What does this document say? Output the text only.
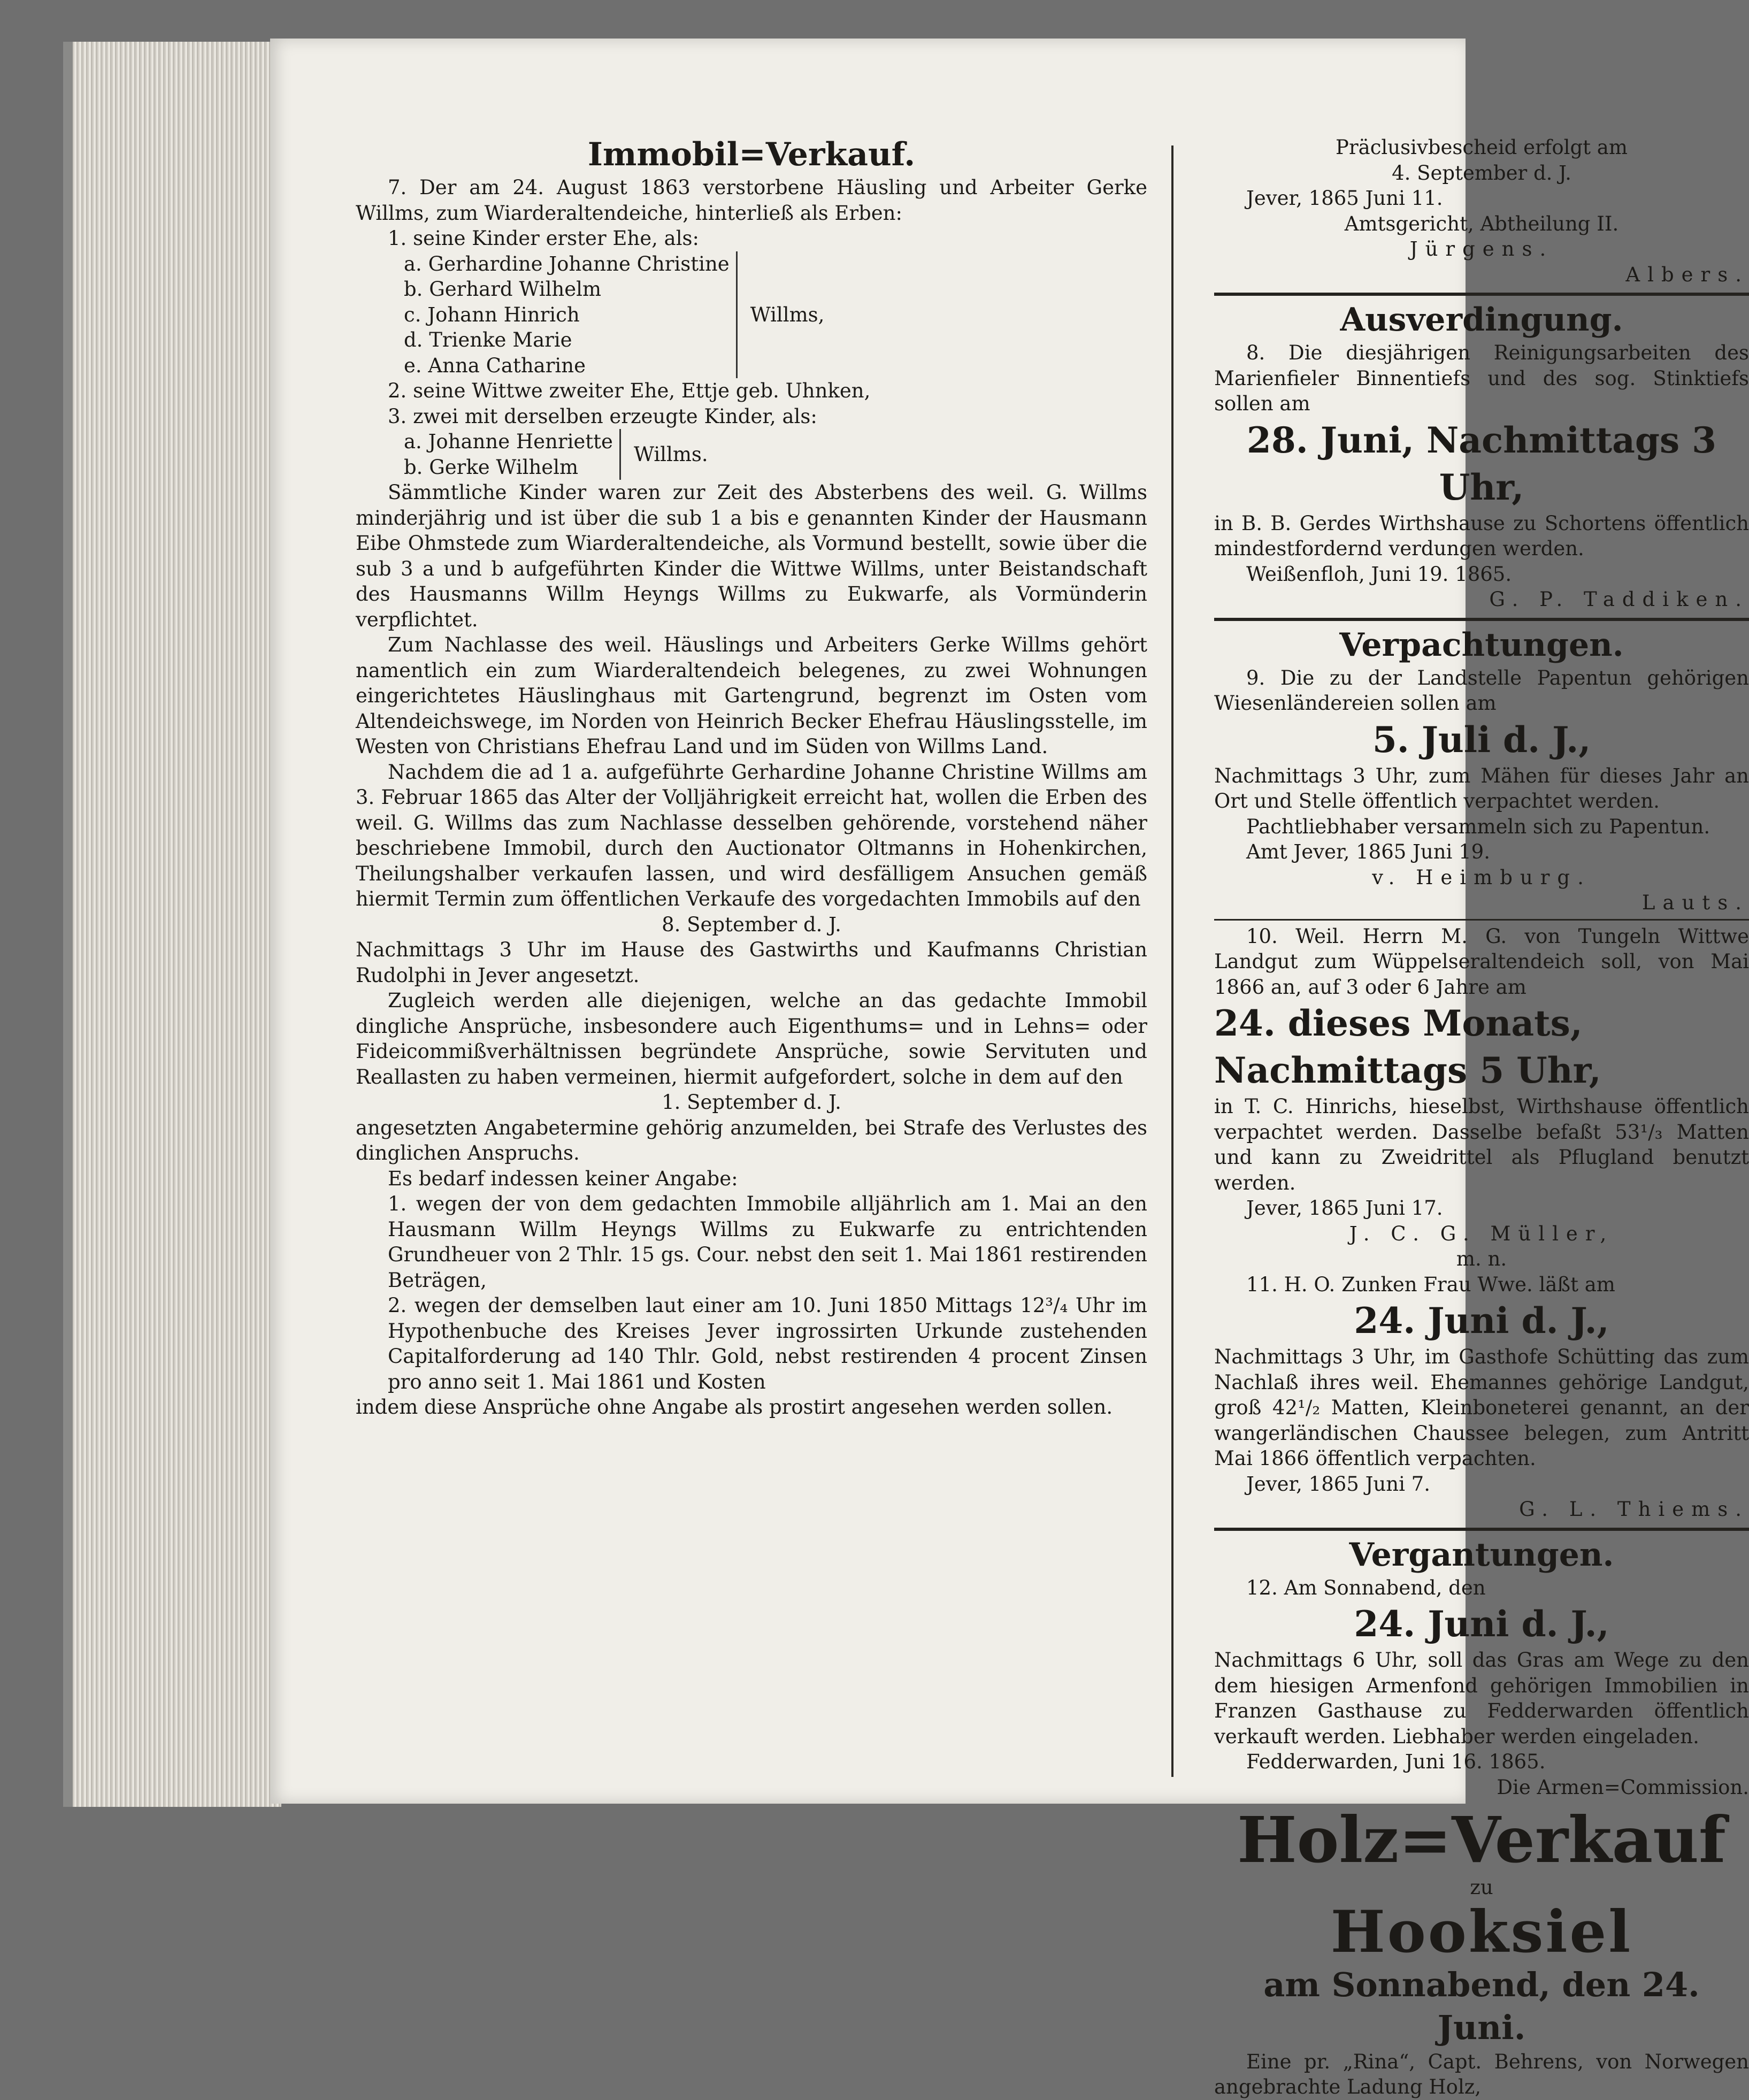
Immobil=Verkauf.

7. Der am 24. August 1863 verstorbene Häusling und Arbeiter Gerke Willms, zum Wiarderaltendeiche, hinterließ als Erben:

1. seine Kinder erster Ehe, als:

a. Gerhardine Johanne Christine

b. Gerhard Wilhelm

c. Johann Hinrich

d. Trienke Marie

e. Anna Catharine

Willms,

2. seine Wittwe zweiter Ehe, Ettje geb. Uhnken,

3. zwei mit derselben erzeugte Kinder, als:

a. Johanne Henriette

b. Gerke Wilhelm

Willms.

Sämmtliche Kinder waren zur Zeit des Absterbens des weil. G. Willms minderjährig und ist über die sub 1 a bis e genannten Kinder der Hausmann Eibe Ohmstede zum Wiarderaltendeiche, als Vormund bestellt, sowie über die sub 3 a und b aufgeführten Kinder die Wittwe Willms, unter Beistandschaft des Hausmanns Willm Heyngs Willms zu Eukwarfe, als Vormünderin verpflichtet.

Zum Nachlasse des weil. Häuslings und Arbeiters Gerke Willms gehört namentlich ein zum Wiarderaltendeich belegenes, zu zwei Wohnungen eingerichtetes Häuslinghaus mit Gartengrund, begrenzt im Osten vom Altendeichswege, im Norden von Heinrich Becker Ehefrau Häuslingsstelle, im Westen von Christians Ehefrau Land und im Süden von Willms Land.

Nachdem die ad 1 a. aufgeführte Gerhardine Johanne Christine Willms am 3. Februar 1865 das Alter der Volljährigkeit erreicht hat, wollen die Erben des weil. G. Willms das zum Nachlasse desselben gehörende, vorstehend näher beschriebene Immobil, durch den Auctionator Oltmanns in Hohenkirchen, Theilungshalber verkaufen lassen, und wird desfälligem Ansuchen gemäß hiermit Termin zum öffentlichen Verkaufe des vorgedachten Immobils auf den

8. September d. J.

Nachmittags 3 Uhr im Hause des Gastwirths und Kaufmanns Christian Rudolphi in Jever angesetzt.

Zugleich werden alle diejenigen, welche an das gedachte Immobil dingliche Ansprüche, insbesondere auch Eigenthums= und in Lehns= oder Fideicommißverhältnissen begründete Ansprüche, sowie Servituten und Reallasten zu haben vermeinen, hiermit aufgefordert, solche in dem auf den

1. September d. J.

angesetzten Angabetermine gehörig anzumelden, bei Strafe des Verlustes des dinglichen Anspruchs.

Es bedarf indessen keiner Angabe:

1. wegen der von dem gedachten Immobile alljährlich am 1. Mai an den Hausmann Willm Heyngs Willms zu Eukwarfe zu entrichtenden Grundheuer von 2 Thlr. 15 gs. Cour. nebst den seit 1. Mai 1861 restirenden Beträgen,

2. wegen der demselben laut einer am 10. Juni 1850 Mittags 12³/₄ Uhr im Hypothenbuche des Kreises Jever ingrossirten Urkunde zustehenden Capitalforderung ad 140 Thlr. Gold, nebst restirenden 4 procent Zinsen pro anno seit 1. Mai 1861 und Kosten

indem diese Ansprüche ohne Angabe als prostirt angesehen werden sollen.

Präclusivbescheid erfolgt am

4. September d. J.

Jever, 1865 Juni 11.

Amtsgericht, Abtheilung II.

Jürgens.

Albers.

Ausverdingung.

8. Die diesjährigen Reinigungsarbeiten des Marienfieler Binnentiefs und des sog. Stinktiefs sollen am

28. Juni, Nachmittags 3 Uhr,

in B. B. Gerdes Wirthshause zu Schortens öffentlich mindestfordernd verdungen werden.

Weißenfloh, Juni 19. 1865.

G. P. Taddiken.

Verpachtungen.

9. Die zu der Landstelle Papentun gehörigen Wiesenländereien sollen am

5. Juli d. J.,

Nachmittags 3 Uhr, zum Mähen für dieses Jahr an Ort und Stelle öffentlich verpachtet werden.

Pachtliebhaber versammeln sich zu Papentun.

Amt Jever, 1865 Juni 19.

v. Heimburg.

Lauts.

10. Weil. Herrn M. G. von Tungeln Wittwe Landgut zum Wüppelseraltendeich soll, von Mai 1866 an, auf 3 oder 6 Jahre am

24. dieses Monats, Nachmittags 5 Uhr,

in T. C. Hinrichs, hieselbst, Wirthshause öffentlich verpachtet werden. Dasselbe befaßt 53¹/₃ Matten und kann zu Zweidrittel als Pflugland benutzt werden.

Jever, 1865 Juni 17.

J. C. G. Müller,

m. n.

11. H. O. Zunken Frau Wwe. läßt am

24. Juni d. J.,

Nachmittags 3 Uhr, im Gasthofe Schütting das zum Nachlaß ihres weil. Ehemannes gehörige Landgut, groß 42¹/₂ Matten, Kleinboneterei genannt, an der wangerländischen Chaussee belegen, zum Antritt Mai 1866 öffentlich verpachten.

Jever, 1865 Juni 7.

G. L. Thiems.

Vergantungen.

12. Am Sonnabend, den

24. Juni d. J.,

Nachmittags 6 Uhr, soll das Gras am Wege zu den dem hiesigen Armenfond gehörigen Immobilien in Franzen Gasthause zu Fedderwarden öffentlich verkauft werden. Liebhaber werden eingeladen.

Fedderwarden, Juni 16. 1865.

Die Armen=Commission.

Holz=Verkauf

zu

Hooksiel

am Sonnabend, den 24. Juni.

Eine pr. „Rina“, Capt. Behrens, von Norwegen angebrachte Ladung Holz,
